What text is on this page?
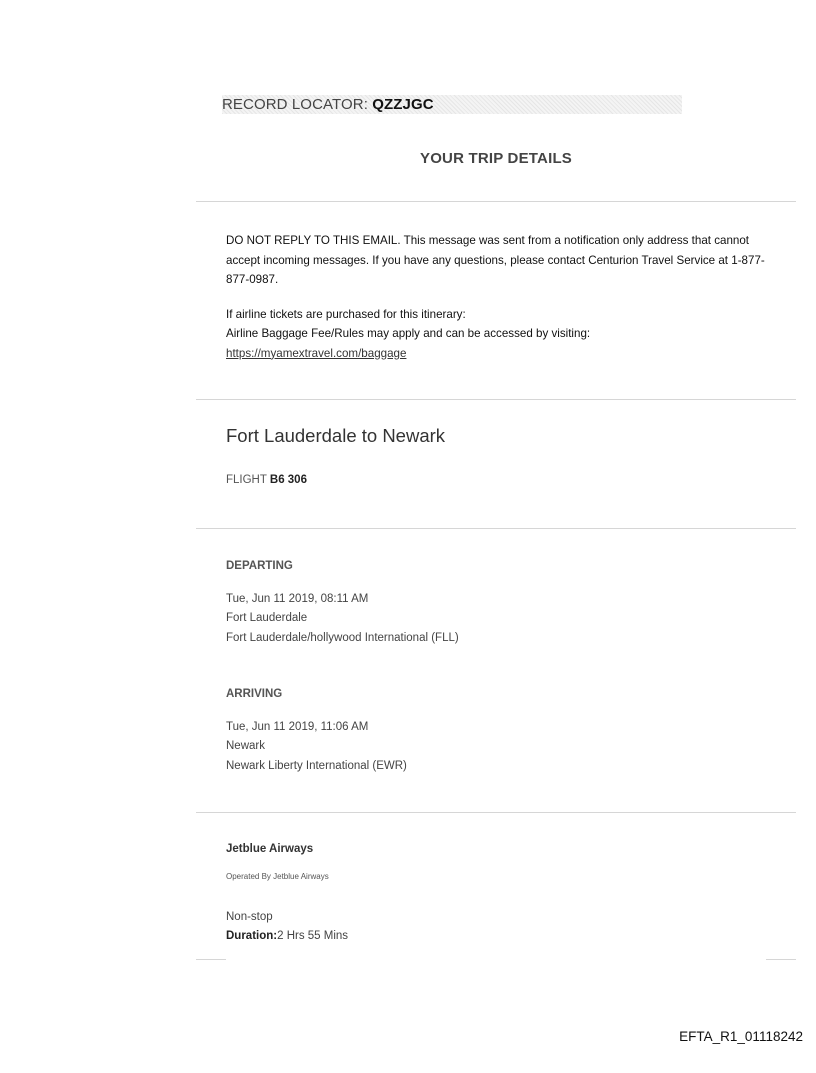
RECORD LOCATOR: QZZJGC
YOUR TRIP DETAILS

DO NOT REPLY TO THIS EMAIL. This message was sent from a notification only address that cannot accept incoming messages. If you have any questions, please contact Centurion Travel Service at 1-877-877-0987.

If airline tickets are purchased for this itinerary:

Airline Baggage Fee/Rules may apply and can be accessed by visiting:

https://myamextravel.com/baggage

Fort Lauderdale to Newark
FLIGHT B6 306
DEPARTING
Tue, Jun 11 2019, 08:11 AM
Fort Lauderdale
Fort Lauderdale/hollywood International (FLL)
ARRIVING
Tue, Jun 11 2019, 11:06 AM
Newark
Newark Liberty International (EWR)
Jetblue Airways
Operated By Jetblue Airways
Non-stop
Duration:2 Hrs 55 Mins
EFTA_R1_01118242
